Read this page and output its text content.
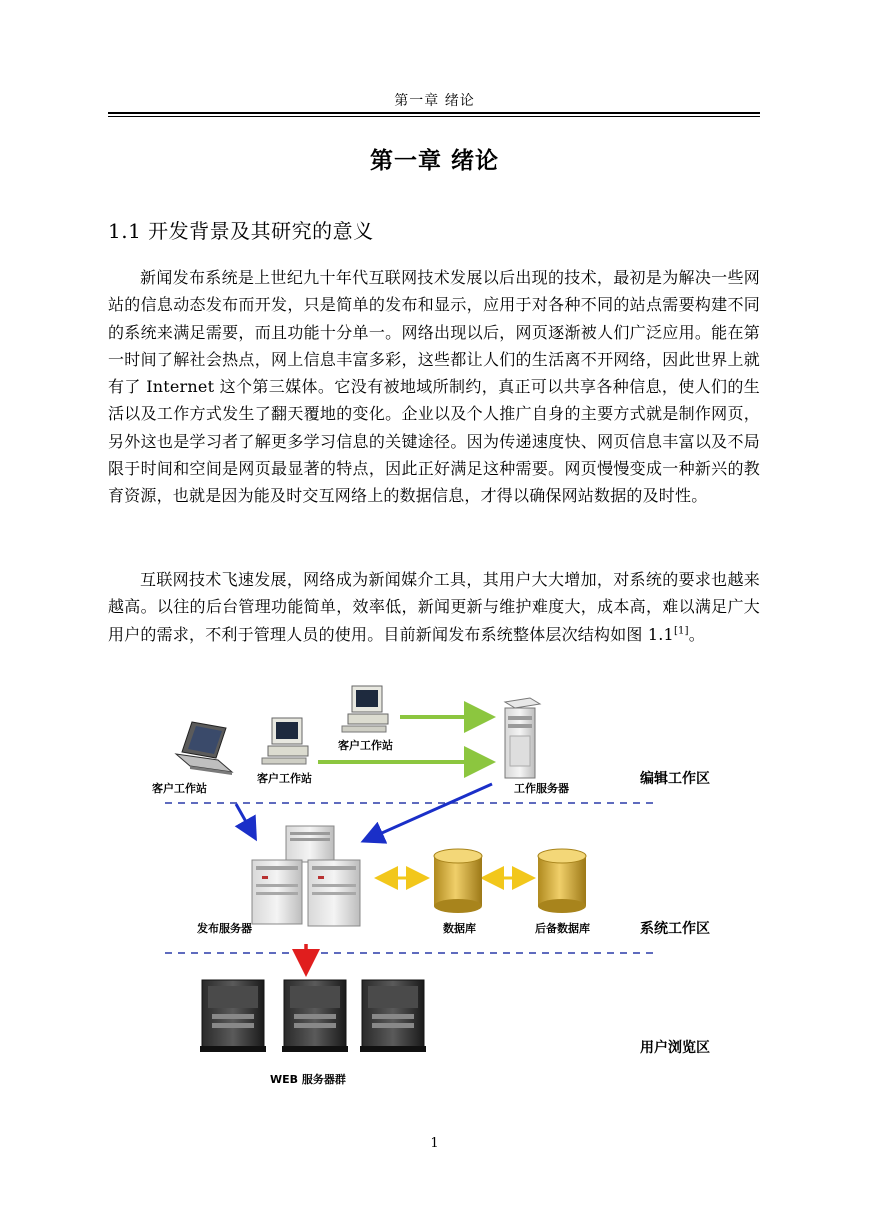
第一章 绪论
第一章 绪论
1.1 开发背景及其研究的意义

新闻发布系统是上世纪九十年代互联网技术发展以后出现的技术，最初是为解决一些网站的信息动态发布而开发，只是简单的发布和显示，应用于对各种不同的站点需要构建不同的系统来满足需要，而且功能十分单一。网络出现以后，网页逐渐被人们广泛应用。能在第一时间了解社会热点，网上信息丰富多彩，这些都让人们的生活离不开网络，因此世界上就有了 Internet 这个第三媒体。它没有被地域所制约，真正可以共享各种信息，使人们的生活以及工作方式发生了翻天覆地的变化。企业以及个人推广自身的主要方式就是制作网页，另外这也是学习者了解更多学习信息的关键途径。因为传递速度快、网页信息丰富以及不局限于时间和空间是网页最显著的特点，因此正好满足这种需要。网页慢慢变成一种新兴的教育资源，也就是因为能及时交互网络上的数据信息，才得以确保网站数据的及时性。

互联网技术飞速发展，网络成为新闻媒介工具，其用户大大增加，对系统的要求也越来越高。以往的后台管理功能简单，效率低，新闻更新与维护难度大，成本高，难以满足广大用户的需求，不利于管理人员的使用。目前新闻发布系统整体层次结构如图 1.1[1]。

客户工作站
客户工作站
客户工作站	工作服务器
发布服务器	数据库	后备数据库
WEB 服务器群
编辑工作区
系统工作区
用户浏览区
1
